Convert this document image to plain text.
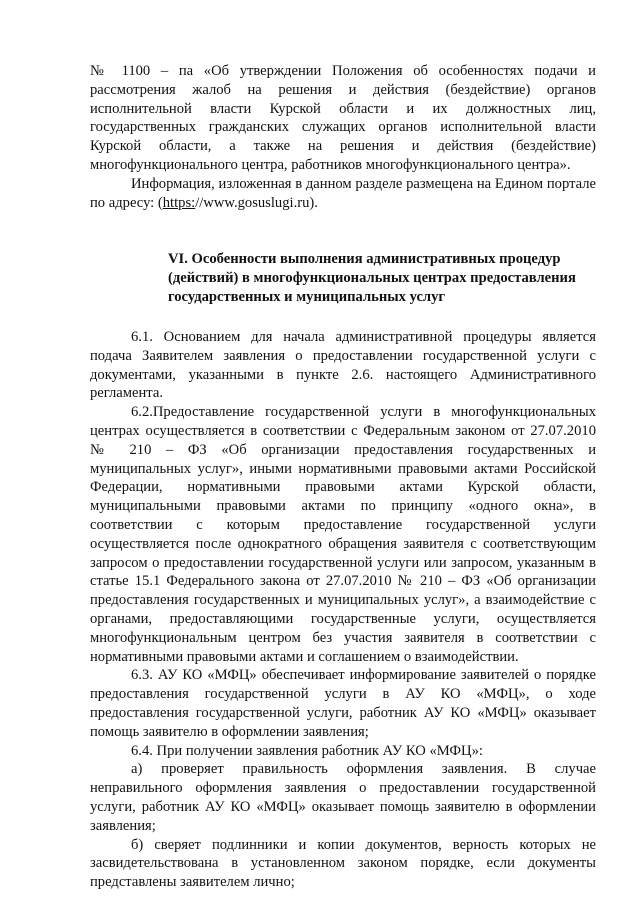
№ 1100 – па «Об утверждении Положения об особенностях подачи и рассмотрения жалоб на решения и действия (бездействие) органов исполнительной власти Курской области и их должностных лиц, государственных гражданских служащих органов исполнительной власти Курской области, а также на решения и действия (бездействие) многофункционального центра, работников многофункционального центра».

Информация, изложенная в данном разделе размещена на Едином портале по адресу: (https://www.gosuslugi.ru).

VI. Особенности выполнения административных процедур
(действий) в многофункциональных центрах предоставления
государственных и муниципальных услуг

6.1. Основанием для начала административной процедуры является подача Заявителем заявления о предоставлении государственной услуги с документами, указанными в пункте 2.6. настоящего Административного регламента.

6.2.Предоставление государственной услуги в многофункциональных центрах осуществляется в соответствии с Федеральным законом от 27.07.2010 № 210 – ФЗ «Об организации предоставления государственных и муниципальных услуг», иными нормативными правовыми актами Российской Федерации, нормативными правовыми актами Курской области, муниципальными правовыми актами по принципу «одного окна», в соответствии с которым предоставление государственной услуги осуществляется после однократного обращения заявителя с соответствующим запросом о предоставлении государственной услуги или запросом, указанным в статье 15.1 Федерального закона от 27.07.2010 № 210 – ФЗ «Об организации предоставления государственных и муниципальных услуг», а взаимодействие с органами, предоставляющими государственные услуги, осуществляется многофункциональным центром без участия заявителя в соответствии с нормативными правовыми актами и соглашением о взаимодействии.

6.3. АУ КО «МФЦ» обеспечивает информирование заявителей о порядке предоставления государственной услуги в АУ КО «МФЦ», о ходе предоставления государственной услуги, работник АУ КО «МФЦ» оказывает помощь заявителю в оформлении заявления;

6.4. При получении заявления работник АУ КО «МФЦ»:

а) проверяет правильность оформления заявления. В случае неправильного оформления заявления о предоставлении государственной услуги, работник АУ КО «МФЦ» оказывает помощь заявителю в оформлении заявления;

б) сверяет подлинники и копии документов, верность которых не засвидетельствована в установленном законом порядке, если документы представлены заявителем лично;
